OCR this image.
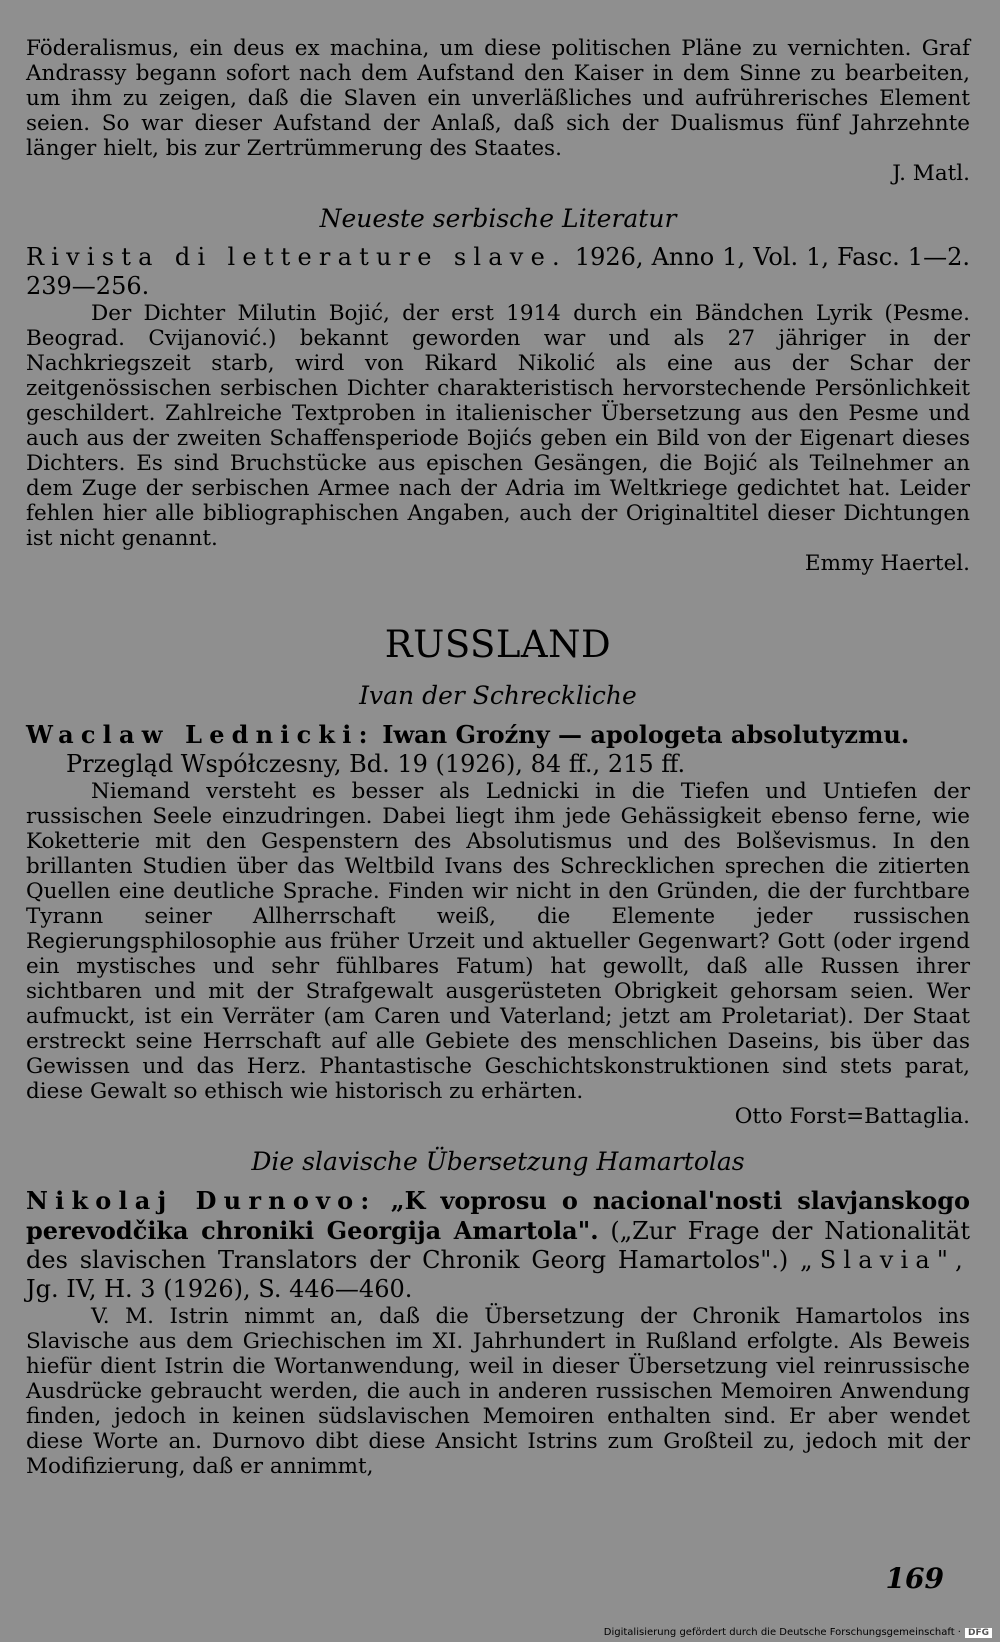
Föderalismus, ein deus ex machina, um diese politischen Pläne zu vernichten. Graf Andrassy begann sofort nach dem Aufstand den Kaiser in dem Sinne zu bearbeiten, um ihm zu zeigen, daß die Slaven ein unverläßliches und aufrührerisches Element seien. So war dieser Aufstand der Anlaß, daß sich der Dualismus fünf Jahrzehnte länger hielt, bis zur Zertrümmerung des Staates.

J. Matl.

Neueste serbische Literatur

Rivista di letterature slave. 1926, Anno 1, Vol. 1, Fasc. 1—2. 239—256.

Der Dichter Milutin Bojić, der erst 1914 durch ein Bändchen Lyrik (Pesme. Beograd. Cvijanović.) bekannt geworden war und als 27 jähriger in der Nachkriegszeit starb, wird von Rikard Nikolić als eine aus der Schar der zeitgenössischen serbischen Dichter charakteristisch hervorstechende Persönlichkeit geschildert. Zahlreiche Textproben in italienischer Übersetzung aus den Pesme und auch aus der zweiten Schaffensperiode Bojićs geben ein Bild von der Eigenart dieses Dichters. Es sind Bruchstücke aus epischen Gesängen, die Bojić als Teilnehmer an dem Zuge der serbischen Armee nach der Adria im Weltkriege gedichtet hat. Leider fehlen hier alle bibliographischen Angaben, auch der Originaltitel dieser Dichtungen ist nicht genannt.

Emmy Haertel.

RUSSLAND
Ivan der Schreckliche

Waclaw Lednicki: Iwan Groźny — apologeta absolutyzmu.
Przegląd Współczesny, Bd. 19 (1926), 84 ff., 215 ff.

Niemand versteht es besser als Lednicki in die Tiefen und Untiefen der russischen Seele einzudringen. Dabei liegt ihm jede Gehässigkeit ebenso ferne, wie Koketterie mit den Gespenstern des Absolutismus und des Bolševismus. In den brillanten Studien über das Weltbild Ivans des Schrecklichen sprechen die zitierten Quellen eine deutliche Sprache. Finden wir nicht in den Gründen, die der furchtbare Tyrann seiner Allherrschaft weiß, die Elemente jeder russischen Regierungsphilosophie aus früher Urzeit und aktueller Gegenwart? Gott (oder irgend ein mystisches und sehr fühlbares Fatum) hat gewollt, daß alle Russen ihrer sichtbaren und mit der Strafgewalt ausgerüsteten Obrigkeit gehorsam seien. Wer aufmuckt, ist ein Verräter (am Caren und Vaterland; jetzt am Proletariat). Der Staat erstreckt seine Herrschaft auf alle Gebiete des menschlichen Daseins, bis über das Gewissen und das Herz. Phantastische Geschichtskonstruktionen sind stets parat, diese Gewalt so ethisch wie historisch zu erhärten.

Otto Forst=Battaglia.

Die slavische Übersetzung Hamartolas

Nikolaj Durnovo: „K voprosu o nacional'nosti slavjanskogo perevodčika chroniki Georgija Amartola". („Zur Frage der Nationalität des slavischen Translators der Chronik Georg Hamartolos".) „Slavia", Jg. IV, H. 3 (1926), S. 446—460.

V. M. Istrin nimmt an, daß die Übersetzung der Chronik Hamartolos ins Slavische aus dem Griechischen im XI. Jahrhundert in Rußland erfolgte. Als Beweis hiefür dient Istrin die Wortanwendung, weil in dieser Übersetzung viel reinrussische Ausdrücke gebraucht werden, die auch in anderen russischen Memoiren Anwendung finden, jedoch in keinen südslavischen Memoiren enthalten sind. Er aber wendet diese Worte an. Durnovo dibt diese Ansicht Istrins zum Großteil zu, jedoch mit der Modifizierung, daß er annimmt,

169
Digitalisierung gefördert durch die Deutsche Forschungsgemeinschaft · DFG
